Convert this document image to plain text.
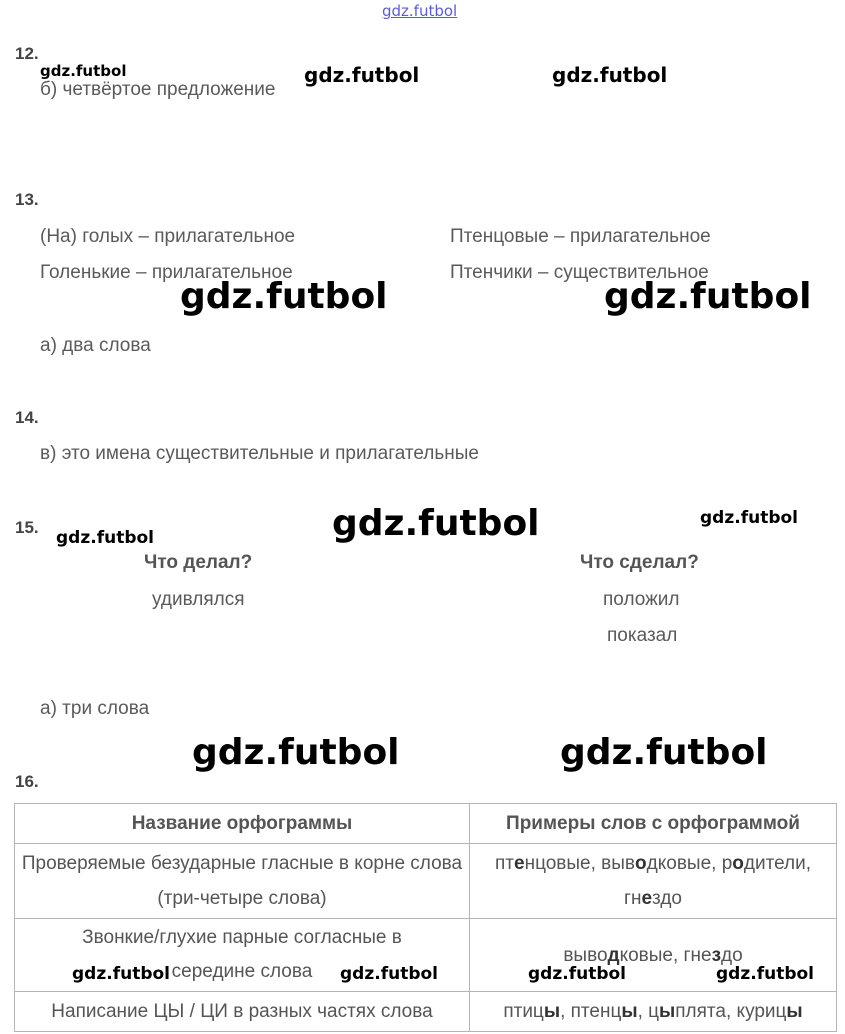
gdz.futbol
12.
б) четвёртое предложение
gdz.futbol	gdz.futbol	gdz.futbol
13.
(На) голых – прилагательное	Птенцовые – прилагательное
Голенькие – прилагательное	Птенчики – существительное
gdz.futbol	gdz.futbol
а) два слова
14.
в) это имена существительные и прилагательные
15.
gdz.futbol	gdz.futbol	gdz.futbol
Что делал?
удивлялся
Что сделал?
положил
показал
а) три слова
gdz.futbol	gdz.futbol
16.
Название орфограммы	Примеры слов с орфограммой
Проверяемые безударные гласные в корне слова (три-четыре слова)	птенцовые, выводковые, родители,
гнездо

Звонкие/глухие парные согласные в
середине слова	выводковые, гнездо

Написание ЦЫ / ЦИ в разных частях слова	птицы, птенцы, цыплята, курицы
gdz.futbol	gdz.futbol	gdz.futbol	gdz.futbol
